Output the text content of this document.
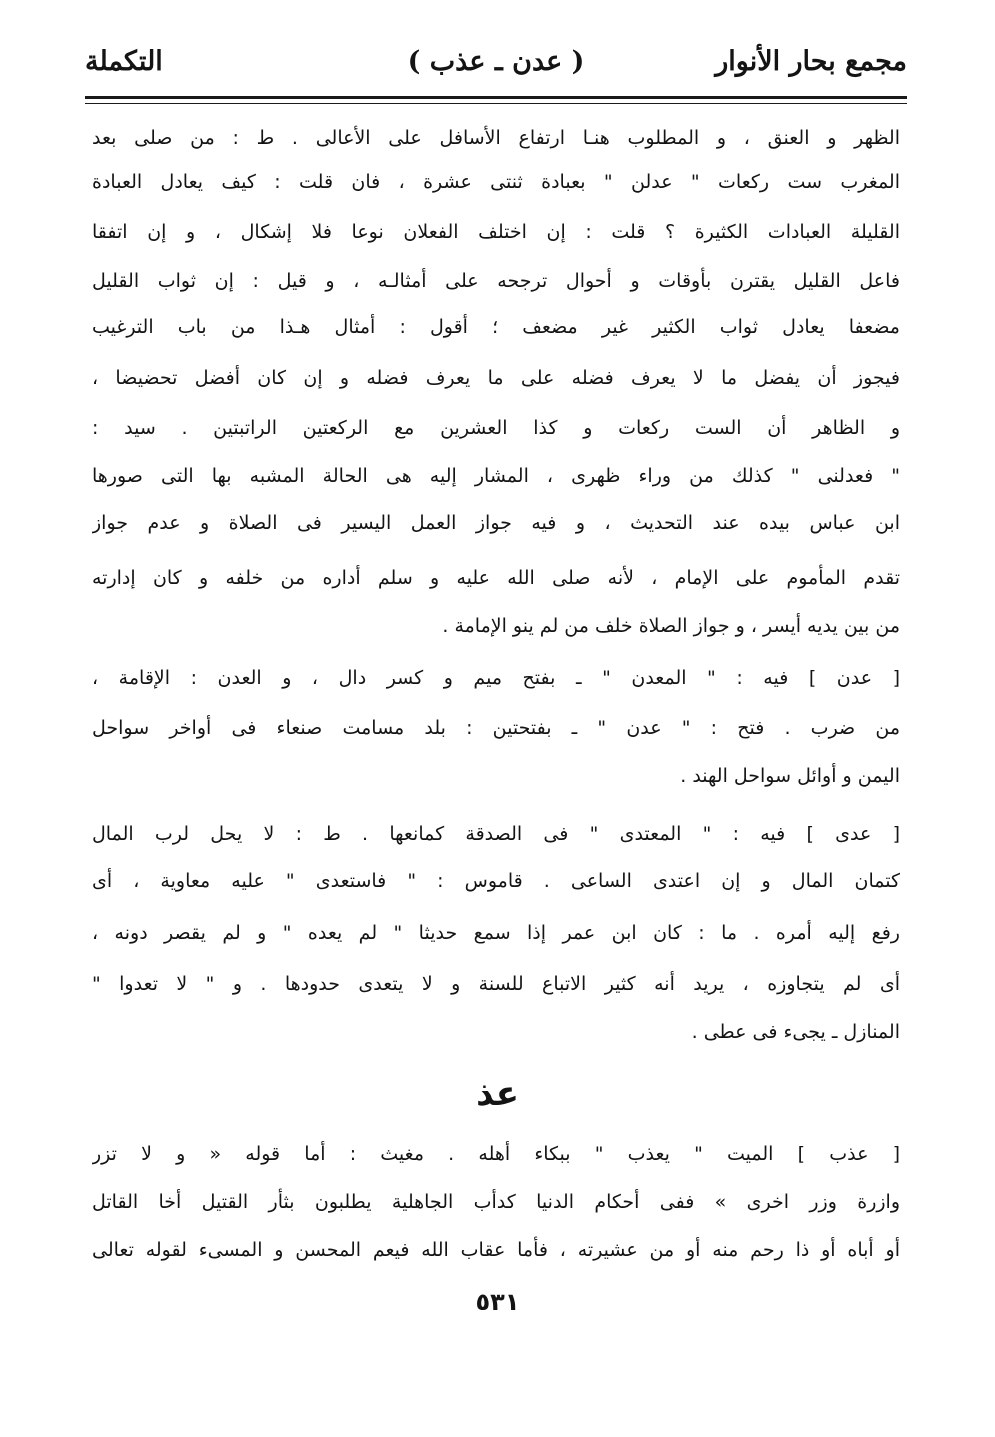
مجمع بحار الأنوار
( عدن ـ عذب )
التكملة
الظهر و العنق ، و المطلوب هنـا ارتفاع الأسافل على الأعالى . ط : من صلى بعد
المغرب ست ركعات " عدلن " بعبادة ثنتى عشرة ، فان قلت : كيف يعادل العبادة
القليلة العبادات الكثيرة ؟ قلت : إن اختلف الفعلان نوعا فلا إشكال ، و إن اتفقا
فاعل القليل يقترن بأوقات و أحوال ترجحه على أمثالـه ، و قيل : إن ثواب القليل
مضعفا يعادل ثواب الكثير غير مضعف ؛ أقول : أمثال هـذا من باب الترغيب
فيجوز أن يفضل ما لا يعرف فضله على ما يعرف فضله و إن كان أفضل تحضيضا ،
و الظاهر أن الست ركعات و كذا العشرين مع الركعتين الراتبتين . سيد :
" فعدلنى " كذلك من وراء ظهرى ، المشار إليه هى الحالة المشبه بها التى صورها
ابن عباس بيده عند التحديث ، و فيه جواز العمل اليسير فى الصلاة و عدم جواز
تقدم المأموم على الإمام ، لأنه صلى الله عليه و سلم أداره من خلفه و كان إدارته
من بين يديه أيسر ، و جواز الصلاة خلف من لم ينو الإمامة .
[ عدن ] فيه : " المعدن " ـ بفتح ميم و كسر دال ، و العدن : الإقامة ،
من ضرب . فتح : " عدن " ـ بفتحتين : بلد مسامت صنعاء فى أواخر سواحل
اليمن و أوائل سواحل الهند .
[ عدى ] فيه : " المعتدى " فى الصدقة كمانعها . ط : لا يحل لرب المال
كتمان المال و إن اعتدى الساعى . قاموس : " فاستعدى " عليه معاوية ، أى
رفع إليه أمره . ما : كان ابن عمر إذا سمع حديثا " لم يعده " و لم يقصر دونه ،
أى لم يتجاوزه ، يريد أنه كثير الاتباع للسنة و لا يتعدى حدودها . و " لا تعدوا "
المنازل ـ يجىء فى عطى .
عذ
[ عذب ] الميت " يعذب " ببكاء أهله . مغيث : أما قوله « و لا تزر
وازرة وزر اخرى » ففى أحكام الدنيا كدأب الجاهلية يطلبون بثأر القتيل أخا القاتل
أو أباه أو ذا رحم منه أو من عشيرته ، فأما عقاب الله فيعم المحسن و المسىء لقوله تعالى
٥٣١
